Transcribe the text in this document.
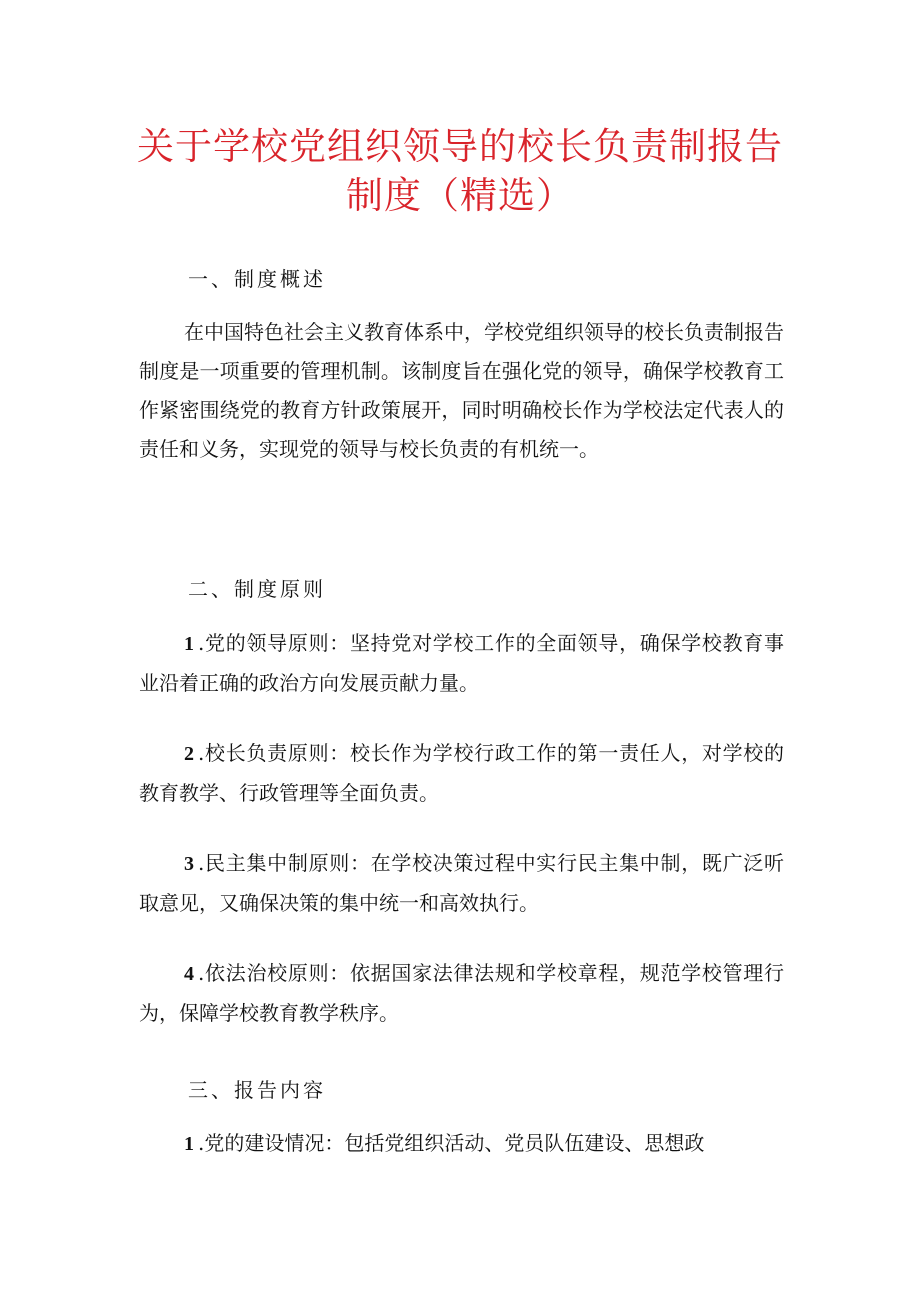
关于学校党组织领导的校长负责制报告
制度（精选）
一、制度概述
在中国特色社会主义教育体系中，学校党组织领导的校长负责制报告制度是一项重要的管理机制。该制度旨在强化党的领导，确保学校教育工作紧密围绕党的教育方针政策展开，同时明确校长作为学校法定代表人的责任和义务，实现党的领导与校长负责的有机统一。
二、制度原则
1 .党的领导原则：坚持党对学校工作的全面领导，确保学校教育事业沿着正确的政治方向发展贡献力量。
2 .校长负责原则：校长作为学校行政工作的第一责任人，对学校的教育教学、行政管理等全面负责。
3 .民主集中制原则：在学校决策过程中实行民主集中制，既广泛听取意见，又确保决策的集中统一和高效执行。
4 .依法治校原则：依据国家法律法规和学校章程，规范学校管理行为，保障学校教育教学秩序。
三、报告内容
1 .党的建设情况：包括党组织活动、党员队伍建设、思想政
